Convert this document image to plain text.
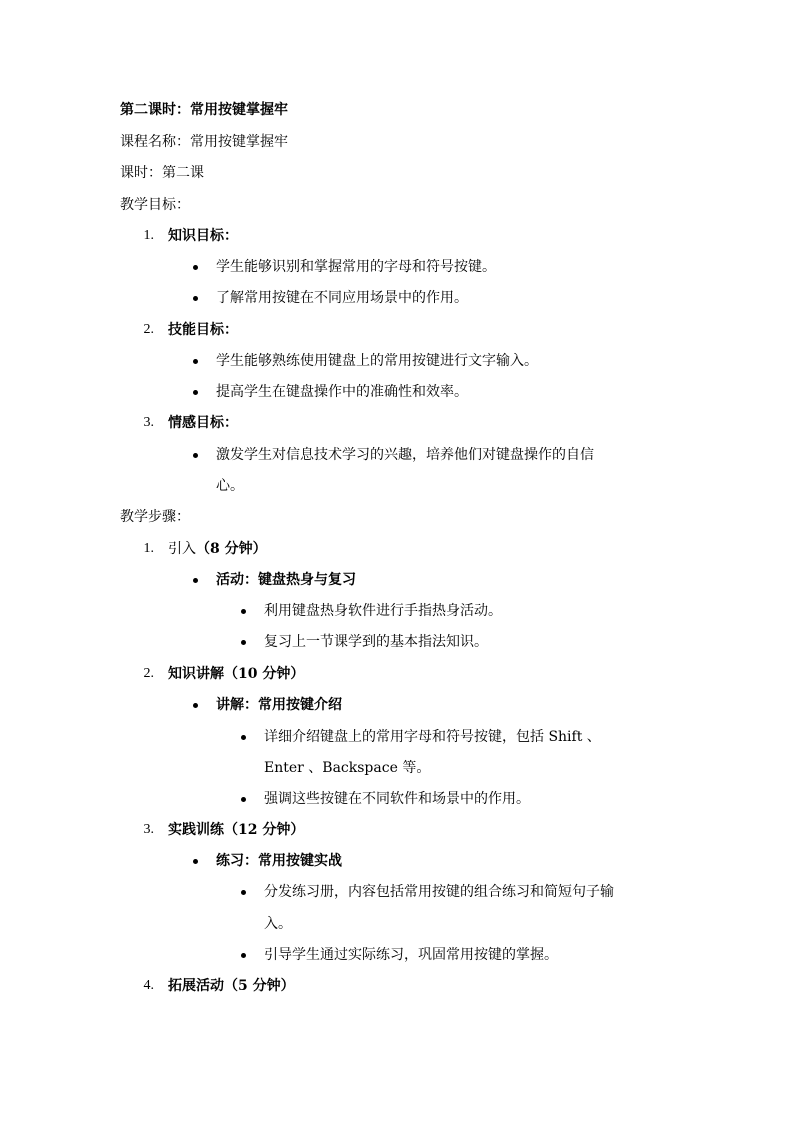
第二课时：常用按键掌握牢
课程名称：常用按键掌握牢
课时：第二课
教学目标：
1. 知识目标：
学生能够识别和掌握常用的字母和符号按键。
了解常用按键在不同应用场景中的作用。
2. 技能目标：
学生能够熟练使用键盘上的常用按键进行文字输入。
提高学生在键盘操作中的准确性和效率。
3. 情感目标：
激发学生对信息技术学习的兴趣，培养他们对键盘操作的自信
心。
教学步骤：
1. 引入（8 分钟）
活动：键盘热身与复习
利用键盘热身软件进行手指热身活动。
复习上一节课学到的基本指法知识。
2. 知识讲解（10 分钟）
讲解：常用按键介绍
详细介绍键盘上的常用字母和符号按键，包括 Shift 、
Enter 、Backspace 等。
强调这些按键在不同软件和场景中的作用。
3. 实践训练（12 分钟）
练习：常用按键实战
分发练习册，内容包括常用按键的组合练习和简短句子输
入。
引导学生通过实际练习，巩固常用按键的掌握。
4. 拓展活动（5 分钟）
